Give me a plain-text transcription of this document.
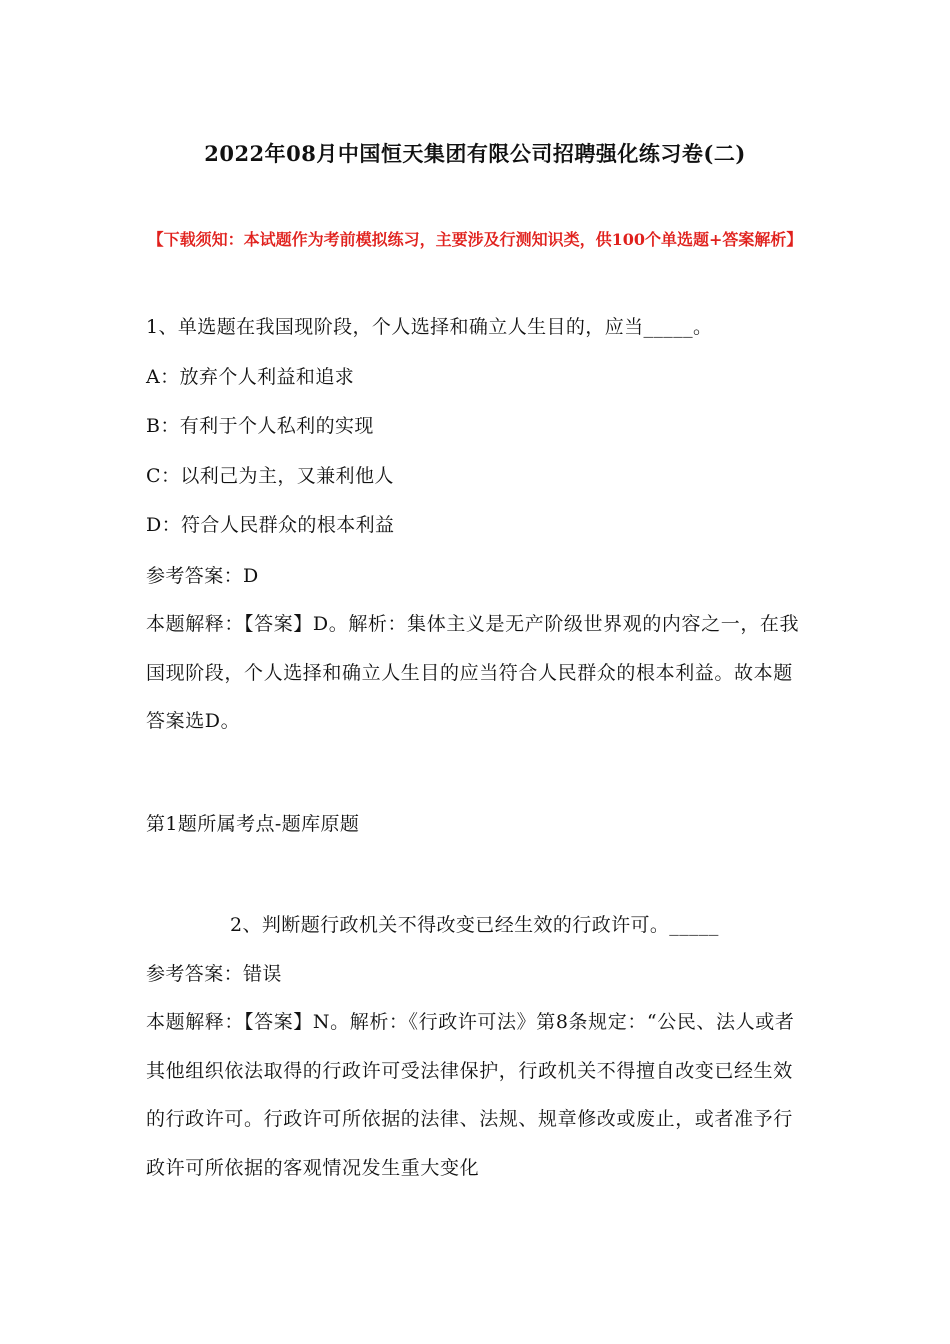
2022年08月中国恒天集团有限公司招聘强化练习卷(二)
【下载须知：本试题作为考前模拟练习，主要涉及行测知识类，供100个单选题+答案解析】
1、单选题在我国现阶段，个人选择和确立人生目的，应当_____。
A：放弃个人利益和追求
B：有利于个人私利的实现
C：以利己为主，又兼利他人
D：符合人民群众的根本利益
参考答案：D
本题解释：【答案】D。解析：集体主义是无产阶级世界观的内容之一，在我国现阶段，个人选择和确立人生目的应当符合人民群众的根本利益。故本题答案选D。
第1题所属考点-题库原题
2、判断题行政机关不得改变已经生效的行政许可。_____
参考答案：错误
本题解释：【答案】N。解析：《行政许可法》第8条规定：“公民、法人或者其他组织依法取得的行政许可受法律保护，行政机关不得擅自改变已经生效的行政许可。行政许可所依据的法律、法规、规章修改或废止，或者准予行政许可所依据的客观情况发生重大变化
